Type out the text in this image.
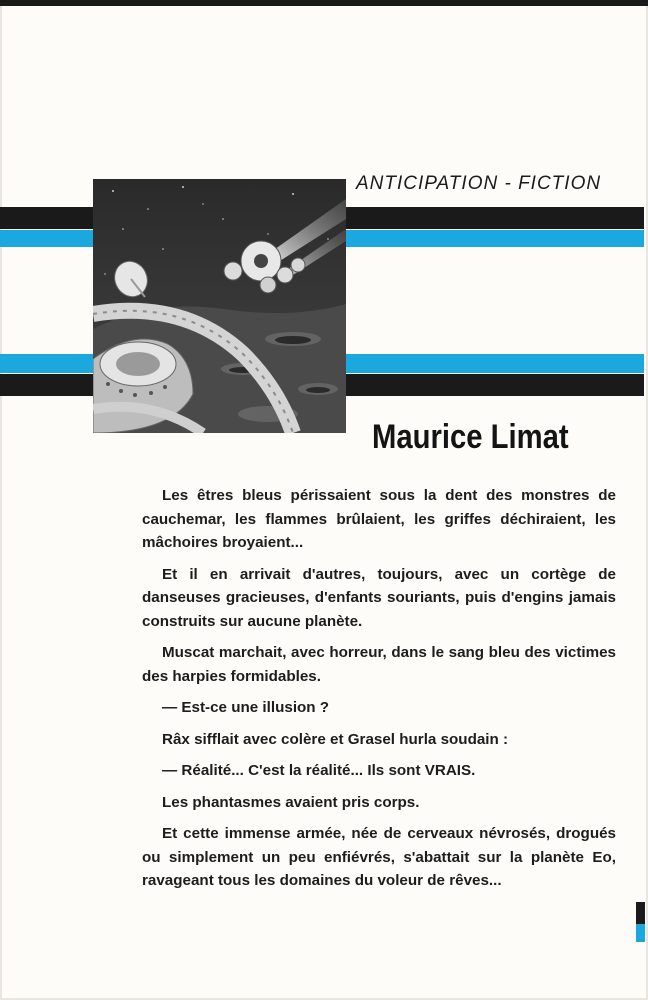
ANTICIPATION - FICTION
Maurice Limat

Les êtres bleus périssaient sous la dent des monstres de cauchemar, les flammes brûlaient, les griffes déchiraient, les mâchoires broyaient...

Et il en arrivait d'autres, toujours, avec un cortège de danseuses gracieuses, d'enfants souriants, puis d'engins jamais construits sur aucune planète.

Muscat marchait, avec horreur, dans le sang bleu des victimes des harpies formidables.

— Est-ce une illusion ?

Râx sifflait avec colère et Grasel hurla soudain :

— Réalité... C'est la réalité... Ils sont VRAIS.

Les phantasmes avaient pris corps.

Et cette immense armée, née de cerveaux névrosés, drogués ou simplement un peu enfiévrés, s'abattait sur la planète Eo, ravageant tous les domaines du voleur de rêves...
